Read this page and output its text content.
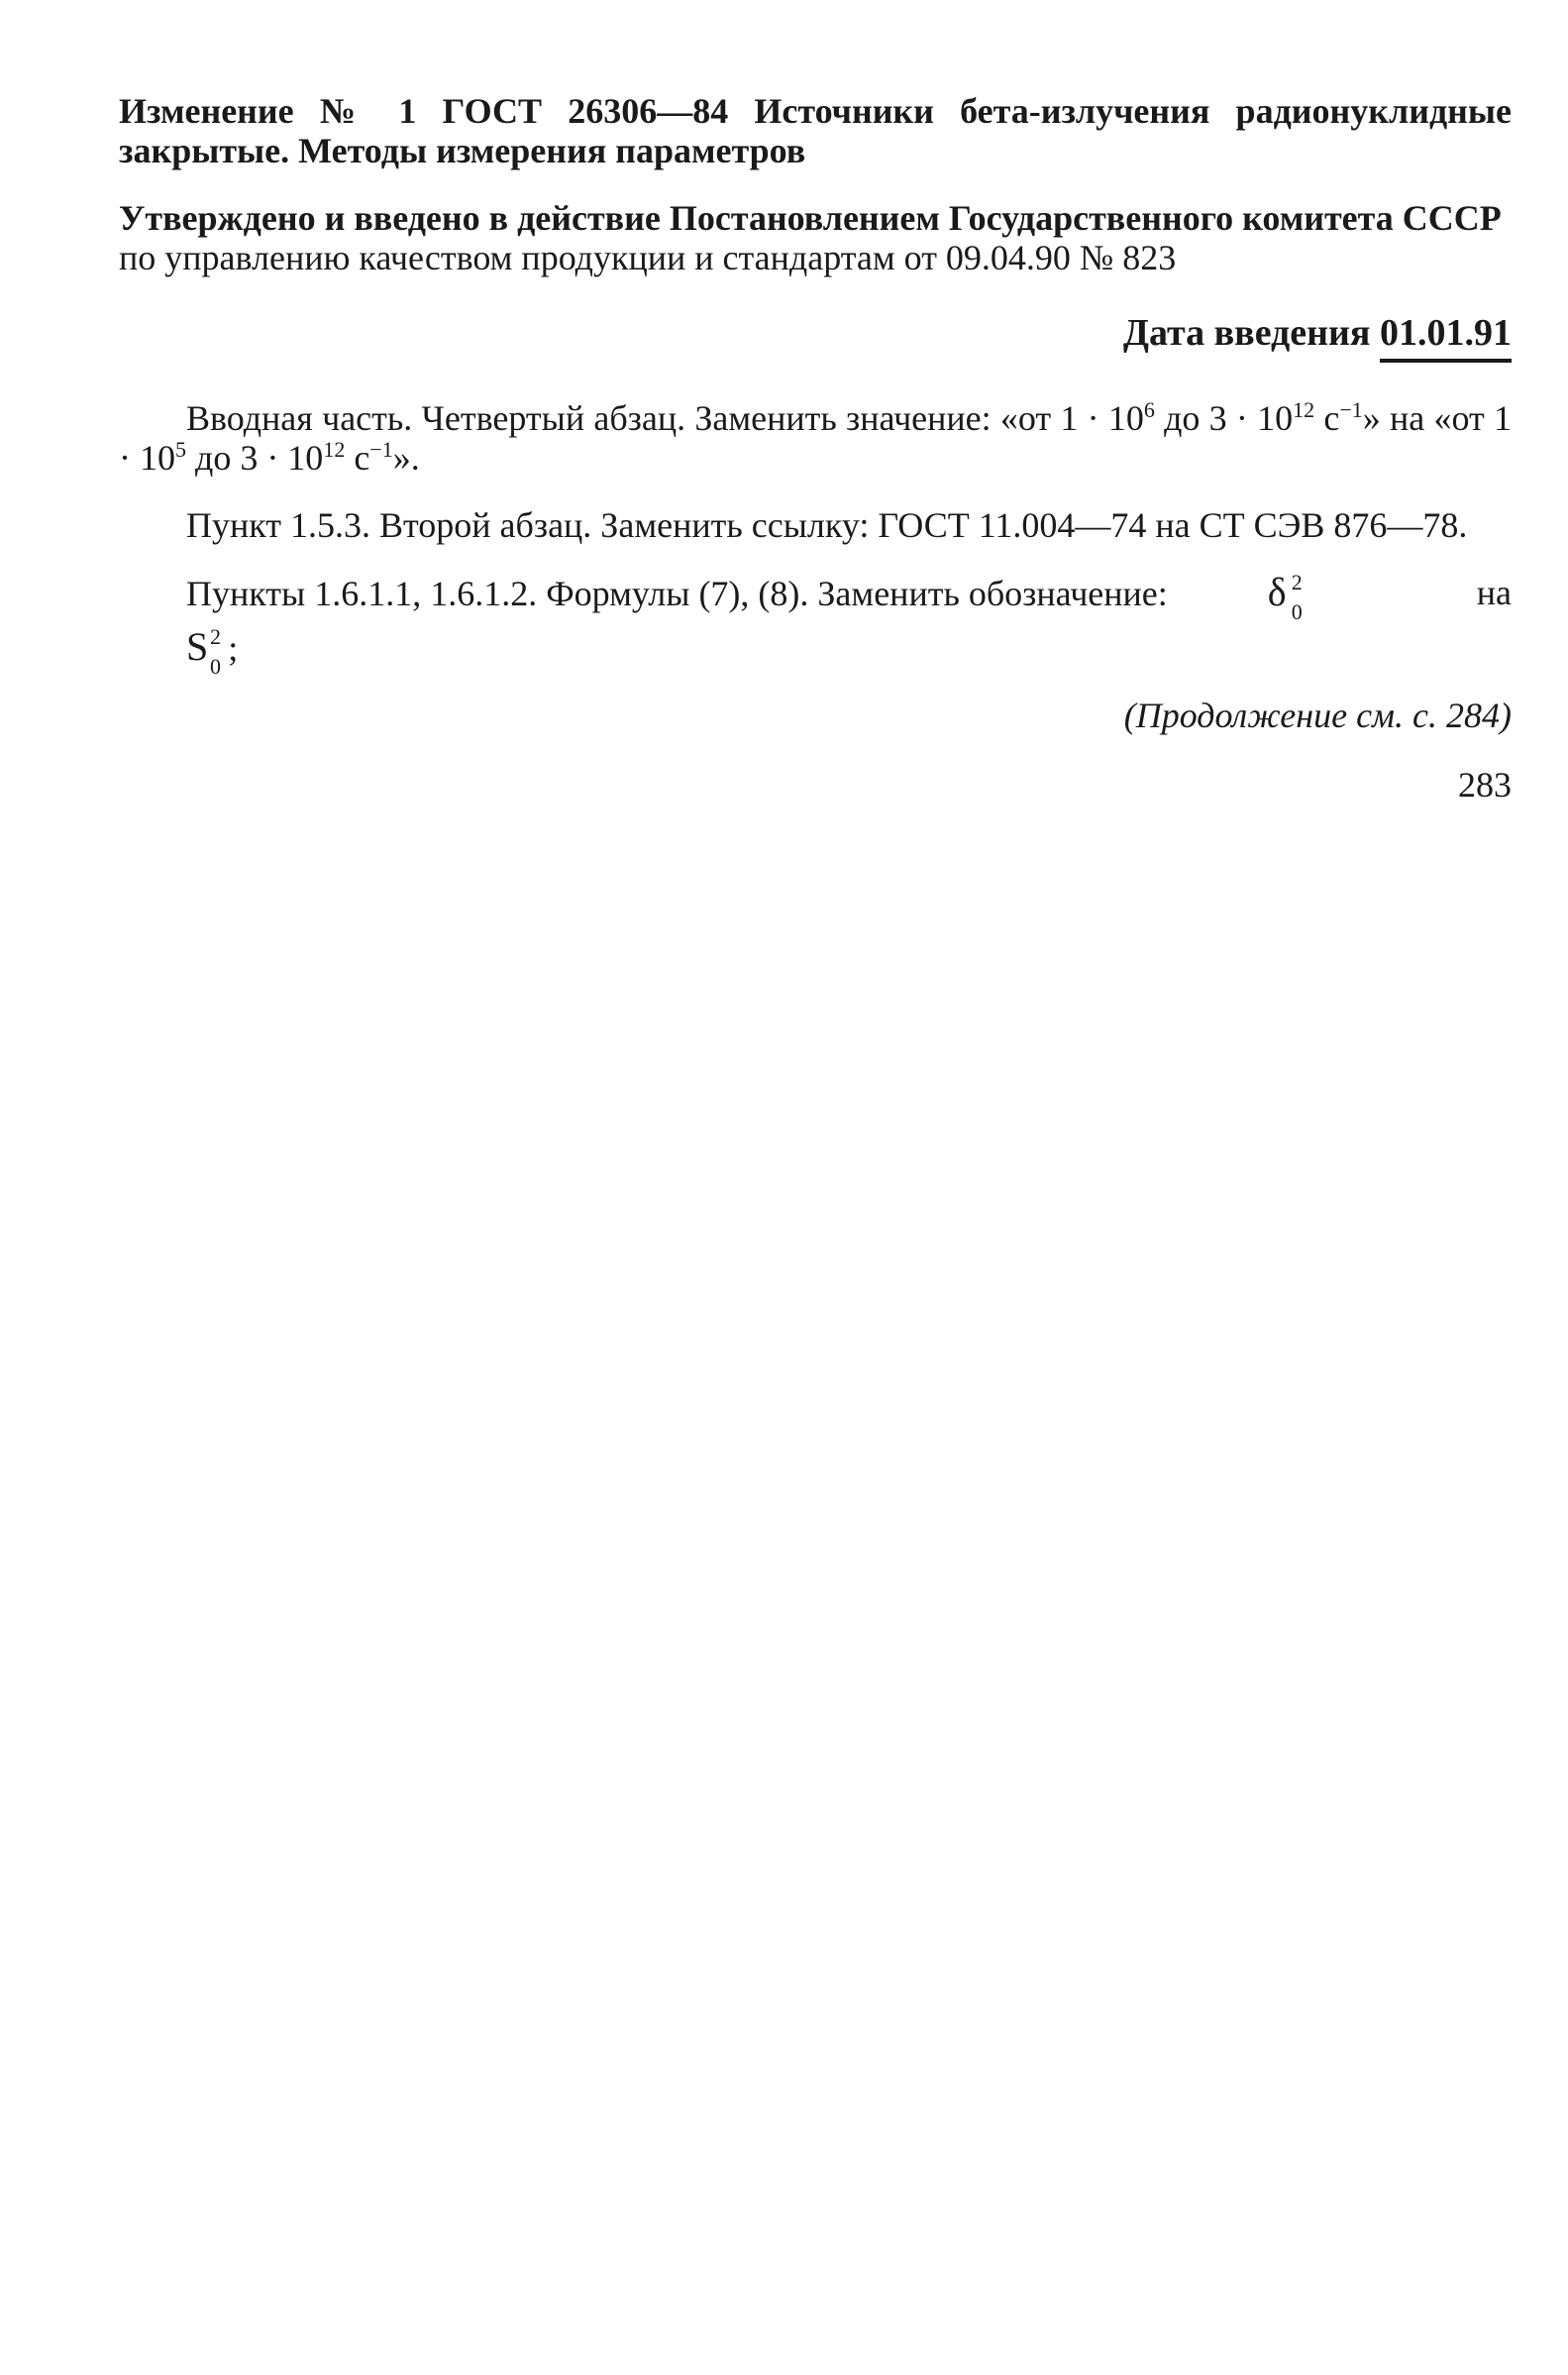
Изменение № 1 ГОСТ 26306—84 Источники бета-излучения радионуклидные закрытые. Методы измерения параметров

Утверждено и введено в действие Постановлением Государственного комитета СССР по управлению качеством продукции и стандартам от 09.04.90 № 823

Дата введения 01.01.91

Вводная часть. Четвертый абзац. Заменить значение: «от $1 \cdot 10^6$ до $3 \cdot 10^{12}$ $с^{-1}$» на «от $1 \cdot 10^5$ до $3 \cdot 10^{12}$ $с^{-1}$».

Пункт 1.5.3. Второй абзац. Заменить ссылку: ГОСТ 11.004—74 на СТ СЭВ 876—78.

Пункты 1.6.1.1, 1.6.1.2. Формулы (7), (8). Заменить обозначение:	δ 2
0	на

S 2
0 ;

(Продолжение см. с. 284)

283
